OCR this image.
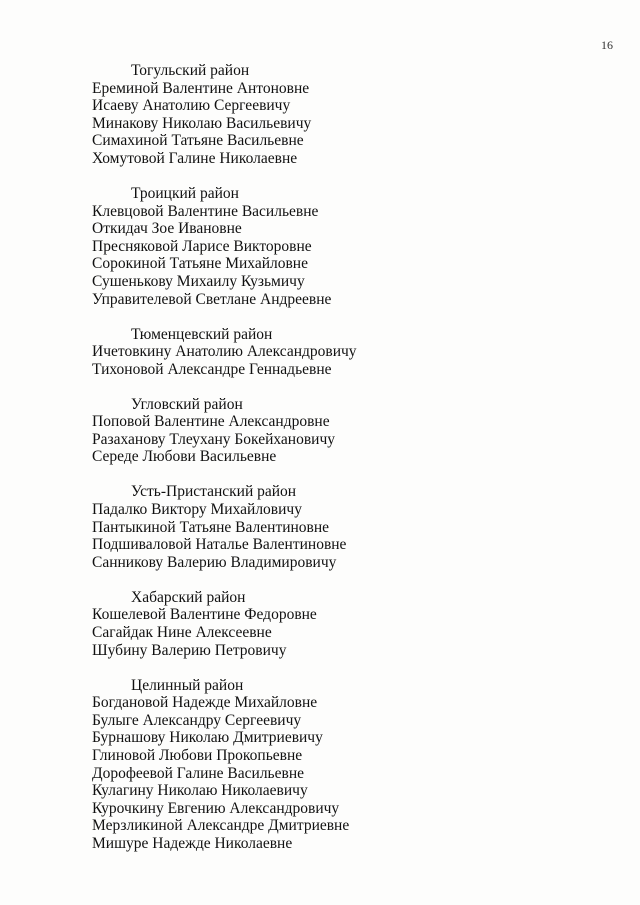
16
Тогульский район
Ереминой Валентине Антоновне
Исаеву Анатолию Сергеевичу
Минакову Николаю Васильевичу
Симахиной Татьяне Васильевне
Хомутовой Галине Николаевне
Троицкий район
Клевцовой Валентине Васильевне
Откидач Зое Ивановне
Пресняковой Ларисе Викторовне
Сорокиной Татьяне Михайловне
Сушенькову Михаилу Кузьмичу
Управителевой Светлане Андреевне
Тюменцевский район
Ичетовкину Анатолию Александровичу
Тихоновой Александре Геннадьевне
Угловский район
Поповой Валентине Александровне
Разаханову Тлеухану Бокейхановичу
Середе Любови Васильевне
Усть-Пристанский район
Падалко Виктору Михайловичу
Пантыкиной Татьяне Валентиновне
Подшиваловой Наталье Валентиновне
Санникову Валерию Владимировичу
Хабарский район
Кошелевой Валентине Федоровне
Сагайдак Нине Алексеевне
Шубину Валерию Петровичу
Целинный район
Богдановой Надежде Михайловне
Булыге Александру Сергеевичу
Бурнашову Николаю Дмитриевичу
Глиновой Любови Прокопьевне
Дорофеевой Галине Васильевне
Кулагину Николаю Николаевичу
Курочкину Евгению Александровичу
Мерзликиной Александре Дмитриевне
Мишуре Надежде Николаевне
